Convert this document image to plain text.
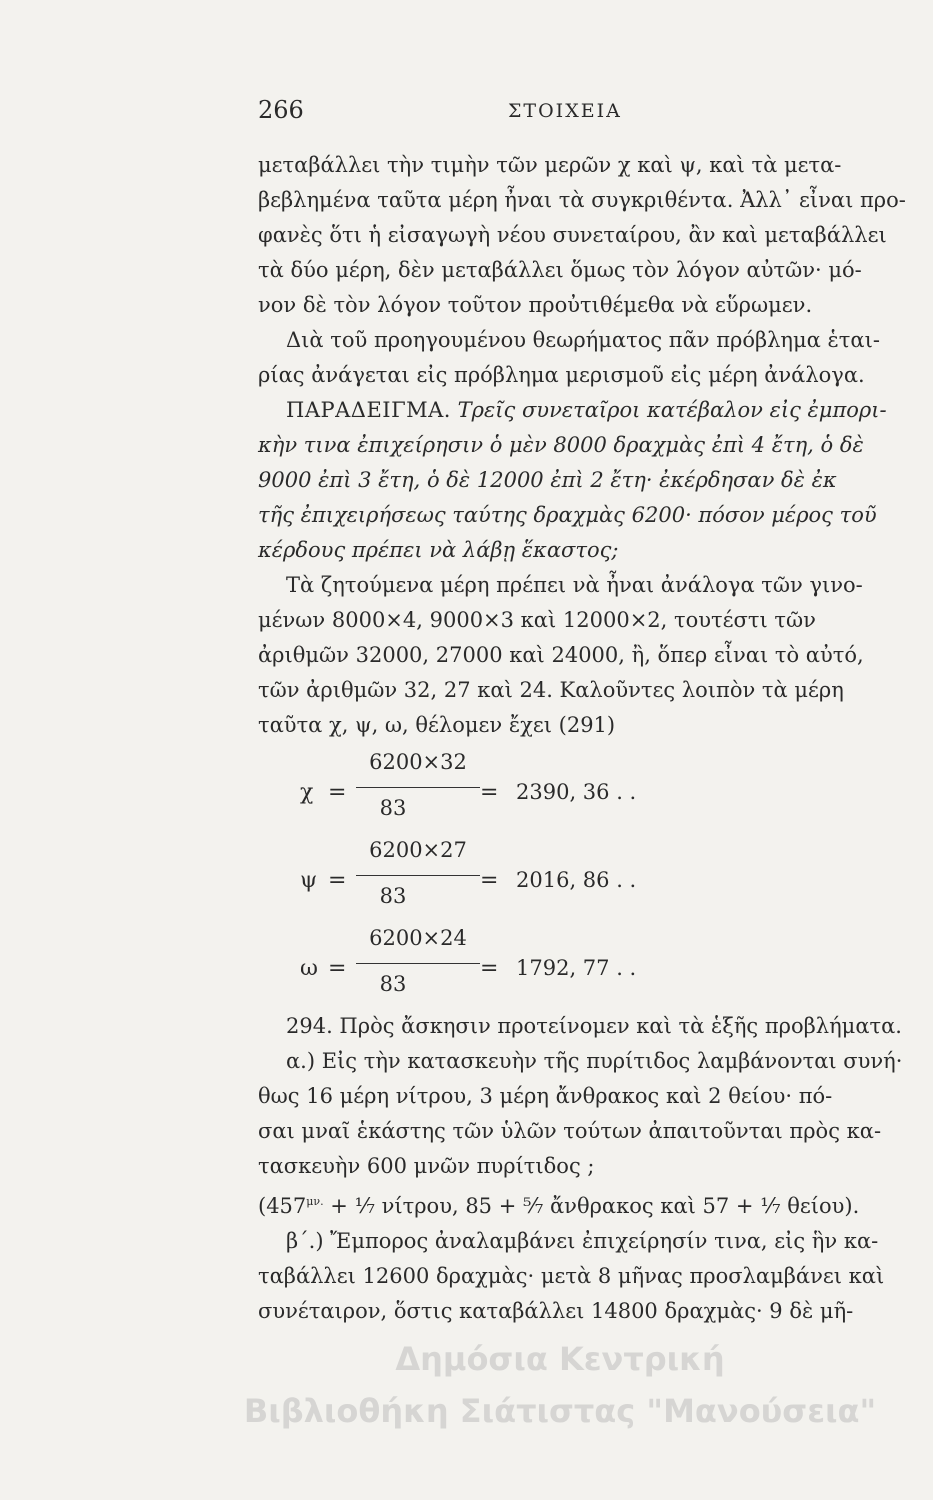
266	ΣΤΟΙΧΕΙΑ
μεταβάλλει τὴν τιμὴν τῶν μερῶν χ καὶ ψ, καὶ τὰ μετα-
βεβλημένα ταῦτα μέρη ἦναι τὰ συγκριθέντα. Ἀλλ᾽ εἶναι προ-
φανὲς ὅτι ἡ εἰσαγωγὴ νέου συνεταίρου, ἂν καὶ μεταβάλλει
τὰ δύο μέρη, δὲν μεταβάλλει ὅμως τὸν λόγον αὐτῶν· μό-
νον δὲ τὸν λόγον τοῦτον προὐτιθέμεθα νὰ εὕρωμεν.
Διὰ τοῦ προηγουμένου θεωρήματος πᾶν πρόβλημα ἑται-
ρίας ἀνάγεται εἰς πρόβλημα μερισμοῦ εἰς μέρη ἀνάλογα.
ΠΑΡΑΔΕΙΓΜΑ. Τρεῖς συνεταῖροι κατέβαλον εἰς ἐμπορι-
κὴν τινα ἐπιχείρησιν ὁ μὲν 8000 δραχμὰς ἐπὶ 4 ἔτη, ὁ δὲ
9000 ἐπὶ 3 ἔτη, ὁ δὲ 12000 ἐπὶ 2 ἔτη· ἐκέρδησαν δὲ ἐκ
τῆς ἐπιχειρήσεως ταύτης δραχμὰς 6200· πόσον μέρος τοῦ
κέρδους πρέπει νὰ λάβῃ ἕκαστος;
Τὰ ζητούμενα μέρη πρέπει νὰ ἦναι ἀνάλογα τῶν γινο-
μένων 8000×4, 9000×3 καὶ 12000×2, τουτέστι τῶν
ἀριθμῶν 32000, 27000 καὶ 24000, ἢ, ὅπερ εἶναι τὸ αὐτό,
τῶν ἀριθμῶν 32, 27 καὶ 24. Καλοῦντες λοιπὸν τὰ μέρη
ταῦτα χ, ψ, ω, θέλομεν ἔχει (291)
χ =
6200×32
83
= 2390, 36 . .
ψ =
6200×27
83
= 2016, 86 . .
ω =
6200×24
83
= 1792, 77 . .
294. Πρὸς ἄσκησιν προτείνομεν καὶ τὰ ἑξῆς προβλήματα.
α.) Εἰς τὴν κατασκευὴν τῆς πυρίτιδος λαμβάνονται συνή·
θως 16 μέρη νίτρου, 3 μέρη ἄνθρακος καὶ 2 θείου· πό-
σαι μναῖ ἑκάστης τῶν ὑλῶν τούτων ἀπαιτοῦνται πρὸς κα-
τασκευὴν 600 μνῶν πυρίτιδος ;
($457^{\mu\nu.}$ + ¹⁄₇ νίτρου, 85 + ⁵⁄₇ ἄνθρακος καὶ 57 + ¹⁄₇ θείου).
β΄.) Ἔμπορος ἀναλαμβάνει ἐπιχείρησίν τινα, εἰς ἣν κα-
ταβάλλει 12600 δραχμὰς· μετὰ 8 μῆνας προσλαμβάνει καὶ
συνέταιρον, ὅστις καταβάλλει 14800 δραχμὰς· 9 δὲ μῆ-
Δημόσια Κεντρική
Βιβλιοθήκη Σιάτιστας "Μανούσεια"
